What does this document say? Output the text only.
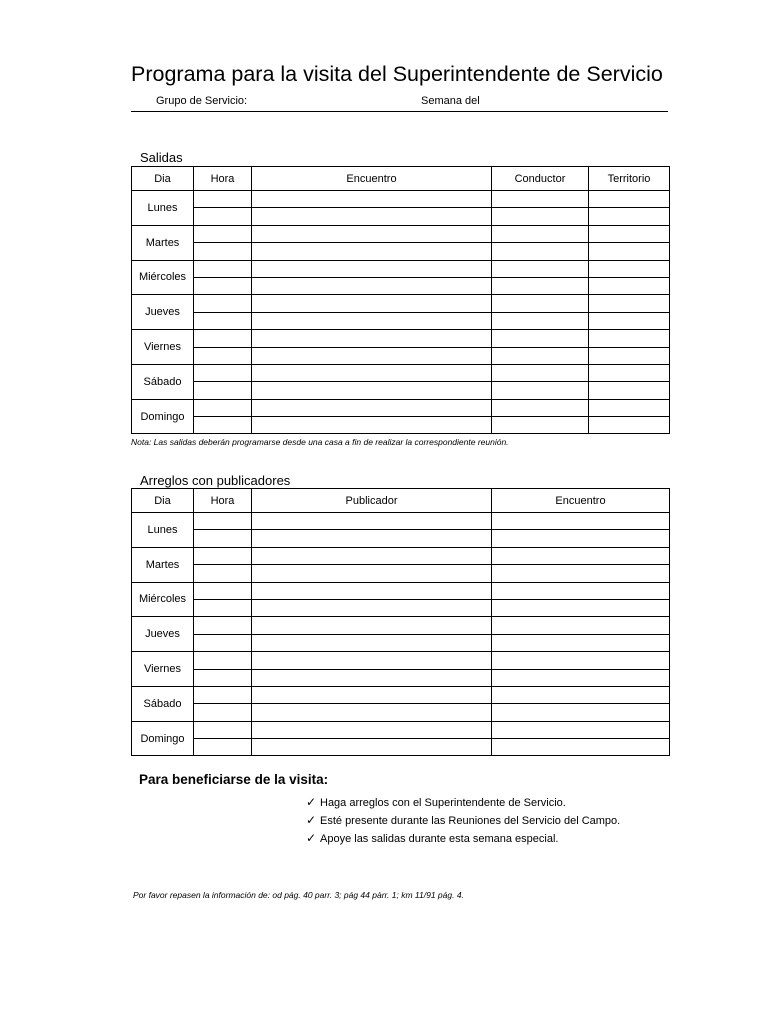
Programa para la visita del Superintendente de Servicio
Grupo de Servicio:	Semana del
Salidas
Dia	Hora	Encuentro	Conductor	Territorio
Lunes				

Martes				

Miércoles				

Jueves				

Viernes				

Sábado				

Domingo				

Nota: Las salidas deberán programarse desde una casa a fin de realizar la correspondiente reunión.
Arreglos con publicadores
Dia	Hora	Publicador	Encuentro
Lunes			

Martes			

Miércoles			

Jueves			

Viernes			

Sábado			

Domingo			

Para beneficiarse de la visita:
✓ Haga arreglos con el Superintendente de Servicio.
✓ Esté presente durante las Reuniones del Servicio del Campo.
✓ Apoye las salidas durante esta semana especial.
Por favor repasen la información de: od pág. 40 parr. 3; pág 44 pàrr. 1; km 11/91 pág. 4.
